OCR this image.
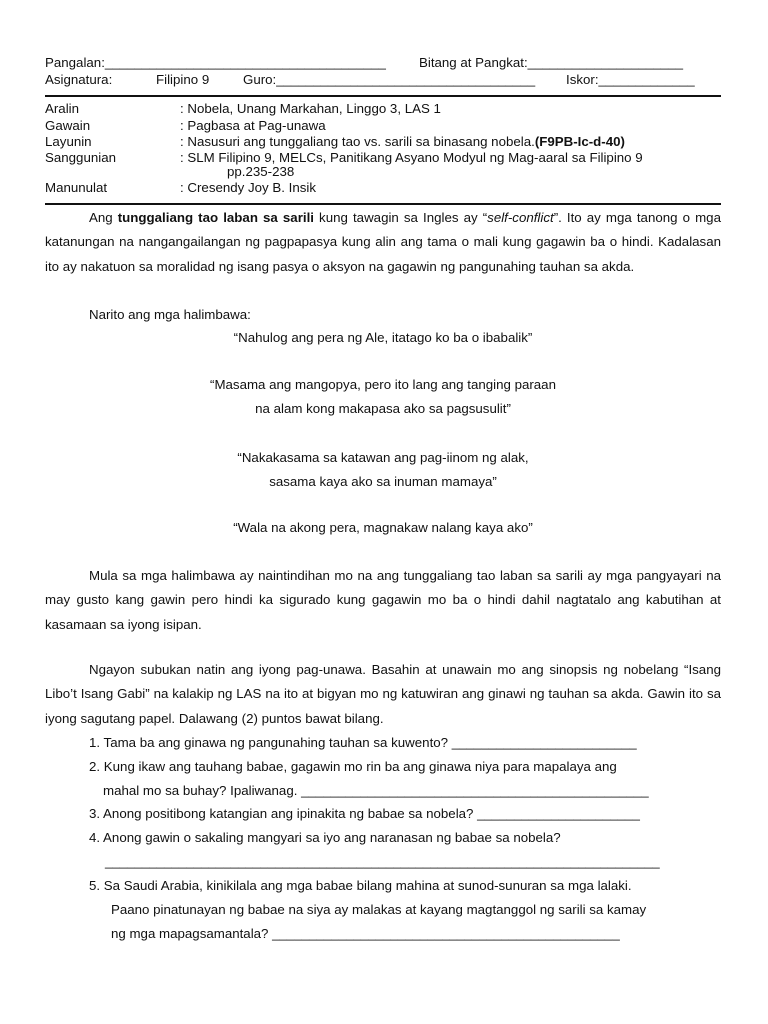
Pangalan:______________________________________ Bitang at Pangkat:_____________________
Asignatura:	Filipino 9	Guro:___________________________________ Iskor:_____________
Aralin	: Nobela, Unang Markahan, Linggo 3, LAS 1
Gawain	: Pagbasa at Pag-unawa
Layunin	: Nasusuri ang tunggaliang tao vs. sarili sa binasang nobela.(F9PB-Ic-d-40)
Sanggunian	: SLM Filipino 9, MELCs, Panitikang Asyano Modyul ng Mag-aaral sa Filipino 9
pp.235-238
Manunulat	: Cresendy Joy B. Insik

Ang tunggaliang tao laban sa sarili kung tawagin sa Ingles ay “self-conflict”. Ito ay mga tanong o mga katanungan na nangangailangan ng pagpapasya kung alin ang tama o mali kung gagawin ba o hindi. Kadalasan ito ay nakatuon sa moralidad ng isang pasya o aksyon na gagawin ng pangunahing tauhan sa akda.

Narito ang mga halimbawa:
“Nahulog ang pera ng Ale, itatago ko ba o ibabalik”
“Masama ang mangopya, pero ito lang ang tanging paraan
na alam kong makapasa ako sa pagsusulit”
“Nakakasama sa katawan ang pag-iinom ng alak,
sasama kaya ako sa inuman mamaya”
“Wala na akong pera, magnakaw nalang kaya ako”

Mula sa mga halimbawa ay naintindihan mo na ang tunggaliang tao laban sa sarili ay mga pangyayari na may gusto kang gawin pero hindi ka sigurado kung gagawin mo ba o hindi dahil nagtatalo ang kabutihan at kasamaan sa iyong isipan.

Ngayon subukan natin ang iyong pag-unawa. Basahin at unawain mo ang sinopsis ng nobelang “Isang Libo’t Isang Gabi” na kalakip ng LAS na ito at bigyan mo ng katuwiran ang ginawi ng tauhan sa akda. Gawin ito sa iyong sagutang papel. Dalawang (2) puntos bawat bilang.

1. Tama ba ang ginawa ng pangunahing tauhan sa kuwento? _________________________
2. Kung ikaw ang tauhang babae, gagawin mo rin ba ang ginawa niya para mapalaya ang
mahal mo sa buhay? Ipaliwanag. _______________________________________________
3. Anong positibong katangian ang ipinakita ng babae sa nobela? ______________________
4. Anong gawin o sakaling mangyari sa iyo ang naranasan ng babae sa nobela?
___________________________________________________________________________
5. Sa Saudi Arabia, kinikilala ang mga babae bilang mahina at sunod-sunuran sa mga lalaki.
Paano pinatunayan ng babae na siya ay malakas at kayang magtanggol ng sarili sa kamay
ng mga mapagsamantala? _______________________________________________
